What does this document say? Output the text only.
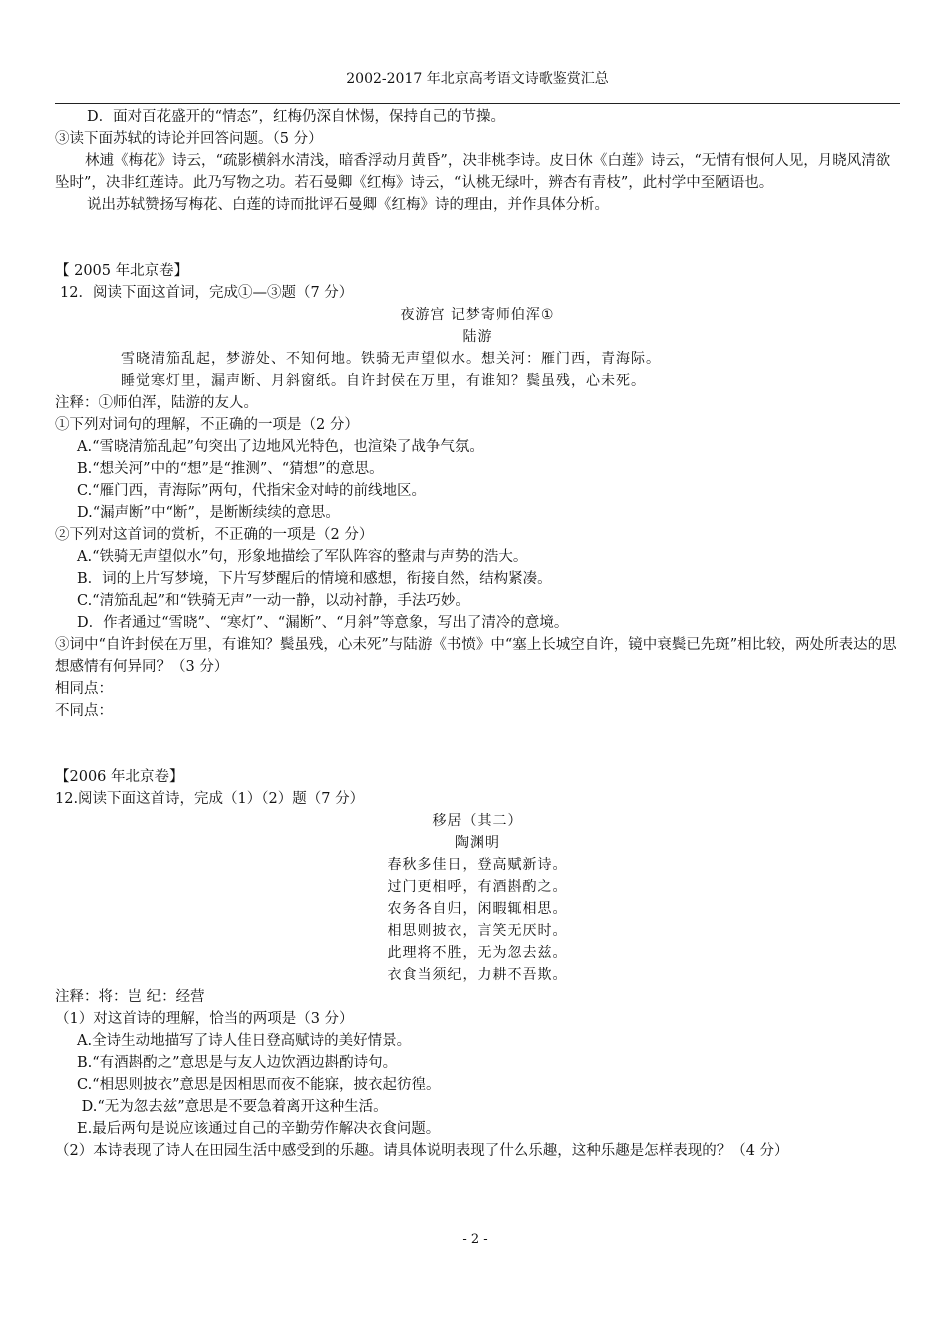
2002-2017 年北京高考语文诗歌鉴赏汇总

D．面对百花盛开的“情态”，红梅仍深自怵惕，保持自己的节操。

③读下面苏轼的诗论并回答问题。（5 分）

林逋《梅花》诗云，“疏影横斜水清浅，暗香浮动月黄昏”，决非桃李诗。皮日休《白莲》诗云，“无情有恨何人见，月晓风清欲坠时”，决非红莲诗。此乃写物之功。若石曼卿《红梅》诗云，“认桃无绿叶，辨杏有青枝”，此村学中至陋语也。

说出苏轼赞扬写梅花、白莲的诗而批评石曼卿《红梅》诗的理由，并作具体分析。

【 2005 年北京卷】

12．阅读下面这首词，完成①—③题（7 分）

夜游宫 记梦寄师伯浑①

陆游

雪晓清笳乱起，梦游处、不知何地。铁骑无声望似水。想关河：雁门西，青海际。

睡觉寒灯里，漏声断、月斜窗纸。自许封侯在万里，有谁知？鬓虽残，心未死。

注释：①师伯浑，陆游的友人。

①下列对词句的理解，不正确的一项是（2 分）

A.“雪晓清笳乱起”句突出了边地风光特色，也渲染了战争气氛。

B.“想关河”中的“想”是“推测”、“猜想”的意思。

C.“雁门西，青海际”两句，代指宋金对峙的前线地区。

D.“漏声断”中“断”，是断断续续的意思。

②下列对这首词的赏析，不正确的一项是（2 分）

A.“铁骑无声望似水”句，形象地描绘了军队阵容的整肃与声势的浩大。

B．词的上片写梦境，下片写梦醒后的情境和感想，衔接自然，结构紧凑。

C.“清笳乱起”和“铁骑无声”一动一静，以动衬静，手法巧妙。

D．作者通过“雪晓”、“寒灯”、“漏断”、“月斜”等意象，写出了清冷的意境。

③词中“自许封侯在万里，有谁知？鬓虽残，心未死”与陆游《书愤》中“塞上长城空自许，镜中衰鬓已先斑”相比较，两处所表达的思想感情有何异同？（3 分）

相同点：

不同点：

【2006 年北京卷】

12.阅读下面这首诗，完成（1）（2）题（7 分）

移居（其二）

陶渊明

春秋多佳日，登高赋新诗。

过门更相呼，有酒斟酌之。

农务各自归，闲暇辄相思。

相思则披衣，言笑无厌时。

此理将不胜，无为忽去兹。

衣食当须纪，力耕不吾欺。

注释：将：岂 纪：经营

（1）对这首诗的理解，恰当的两项是（3 分）

A.全诗生动地描写了诗人佳日登高赋诗的美好情景。

B.“有酒斟酌之”意思是与友人边饮酒边斟酌诗句。

C.“相思则披衣”意思是因相思而夜不能寐，披衣起彷徨。

D.“无为忽去兹”意思是不要急着离开这种生活。

E.最后两句是说应该通过自己的辛勤劳作解决衣食问题。

（2）本诗表现了诗人在田园生活中感受到的乐趣。请具体说明表现了什么乐趣，这种乐趣是怎样表现的？（4 分）

- 2 -
